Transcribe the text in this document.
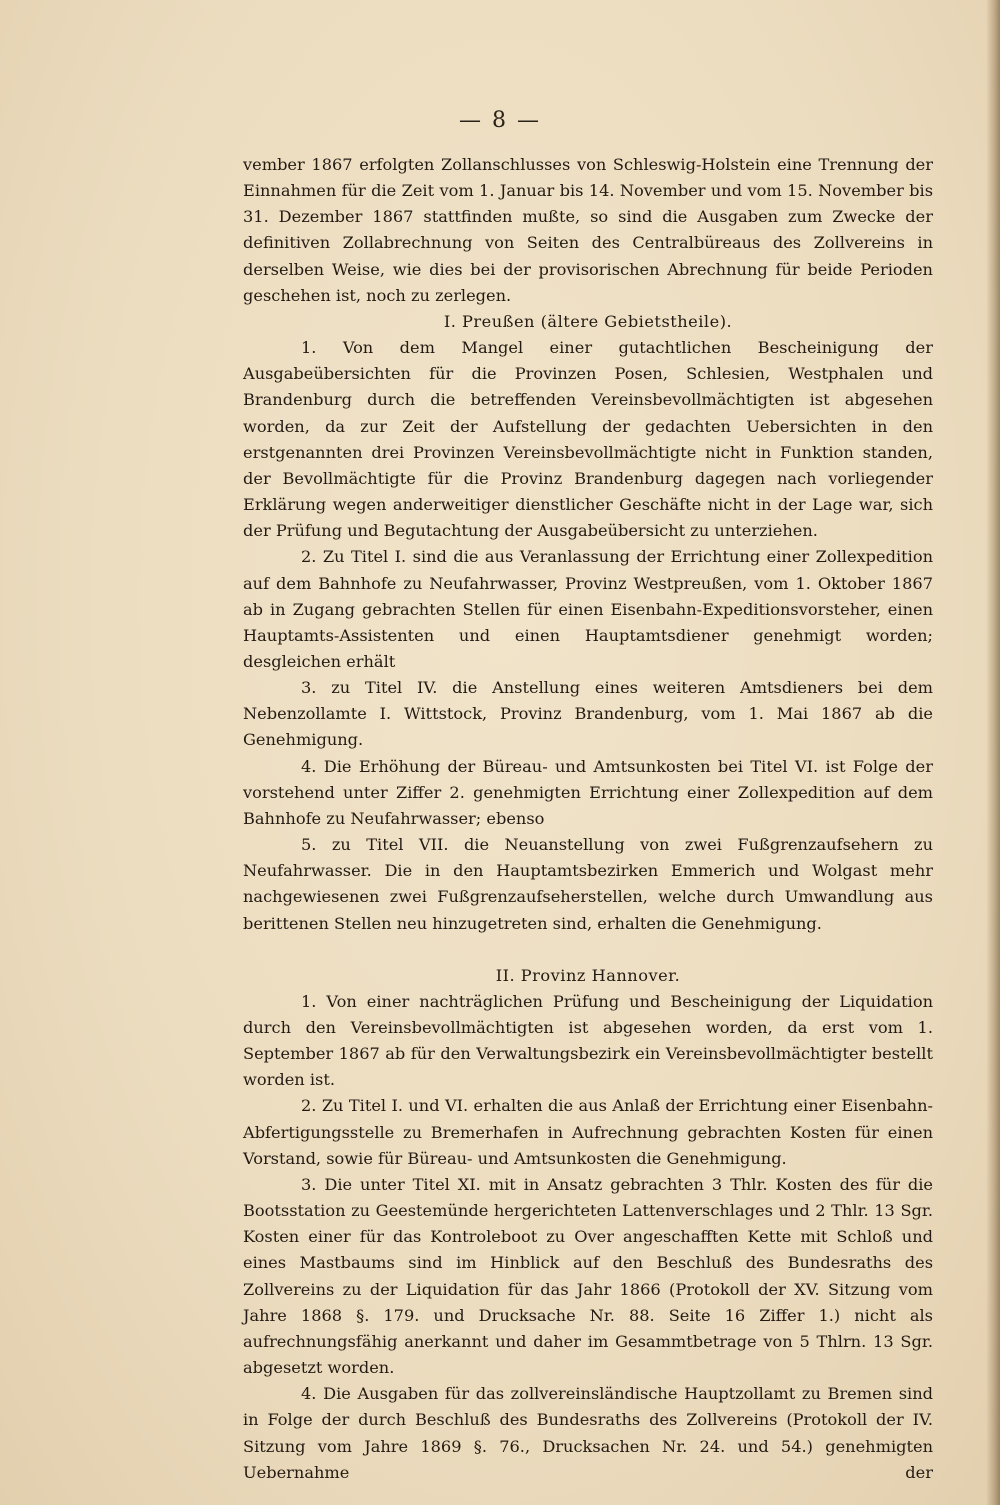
— 8 —

vember 1867 erfolgten Zollanschlusses von Schleswig-Holstein eine Trennung der Einnahmen für die Zeit vom 1. Januar bis 14. November und vom 15. November bis 31. Dezember 1867 stattfinden mußte, so sind die Ausgaben zum Zwecke der definitiven Zollabrechnung von Seiten des Centralbüreaus des Zollvereins in derselben Weise, wie dies bei der provisorischen Abrechnung für beide Perioden geschehen ist, noch zu zerlegen.

I. Preußen (ältere Gebietstheile).

1. Von dem Mangel einer gutachtlichen Bescheinigung der Ausgabeübersichten für die Provinzen Posen, Schlesien, Westphalen und Brandenburg durch die betreffenden Vereinsbevollmächtigten ist abgesehen worden, da zur Zeit der Aufstellung der gedachten Uebersichten in den erstgenannten drei Provinzen Vereinsbevollmächtigte nicht in Funktion standen, der Bevollmächtigte für die Provinz Brandenburg dagegen nach vorliegender Erklärung wegen anderweitiger dienstlicher Geschäfte nicht in der Lage war, sich der Prüfung und Begutachtung der Ausgabeübersicht zu unterziehen.

2. Zu Titel I. sind die aus Veranlassung der Errichtung einer Zollexpedition auf dem Bahnhofe zu Neufahrwasser, Provinz Westpreußen, vom 1. Oktober 1867 ab in Zugang gebrachten Stellen für einen Eisenbahn-Expeditionsvorsteher, einen Hauptamts-Assistenten und einen Hauptamtsdiener genehmigt worden; desgleichen erhält

3. zu Titel IV. die Anstellung eines weiteren Amtsdieners bei dem Nebenzollamte I. Wittstock, Provinz Brandenburg, vom 1. Mai 1867 ab die Genehmigung.

4. Die Erhöhung der Büreau- und Amtsunkosten bei Titel VI. ist Folge der vorstehend unter Ziffer 2. genehmigten Errichtung einer Zollexpedition auf dem Bahnhofe zu Neufahrwasser; ebenso

5. zu Titel VII. die Neuanstellung von zwei Fußgrenzaufsehern zu Neufahrwasser. Die in den Hauptamtsbezirken Emmerich und Wolgast mehr nachgewiesenen zwei Fußgrenzaufseherstellen, welche durch Umwandlung aus berittenen Stellen neu hinzugetreten sind, erhalten die Genehmigung.

II. Provinz Hannover.

1. Von einer nachträglichen Prüfung und Bescheinigung der Liquidation durch den Vereinsbevollmächtigten ist abgesehen worden, da erst vom 1. September 1867 ab für den Verwaltungsbezirk ein Vereinsbevollmächtigter bestellt worden ist.

2. Zu Titel I. und VI. erhalten die aus Anlaß der Errichtung einer Eisenbahn-Abfertigungsstelle zu Bremerhafen in Aufrechnung gebrachten Kosten für einen Vorstand, sowie für Büreau- und Amtsunkosten die Genehmigung.

3. Die unter Titel XI. mit in Ansatz gebrachten 3 Thlr. Kosten des für die Bootsstation zu Geestemünde hergerichteten Lattenverschlages und 2 Thlr. 13 Sgr. Kosten einer für das Kontroleboot zu Over angeschafften Kette mit Schloß und eines Mastbaums sind im Hinblick auf den Beschluß des Bundesraths des Zollvereins zu der Liquidation für das Jahr 1866 (Protokoll der XV. Sitzung vom Jahre 1868 §. 179. und Drucksache Nr. 88. Seite 16 Ziffer 1.) nicht als aufrechnungsfähig anerkannt und daher im Gesammtbetrage von 5 Thlrn. 13 Sgr. abgesetzt worden.

4. Die Ausgaben für das zollvereinsländische Hauptzollamt zu Bremen sind in Folge der durch Beschluß des Bundesraths des Zollvereins (Protokoll der IV. Sitzung vom Jahre 1869 §. 76., Drucksachen Nr. 24. und 54.) genehmigten Uebernahme der
